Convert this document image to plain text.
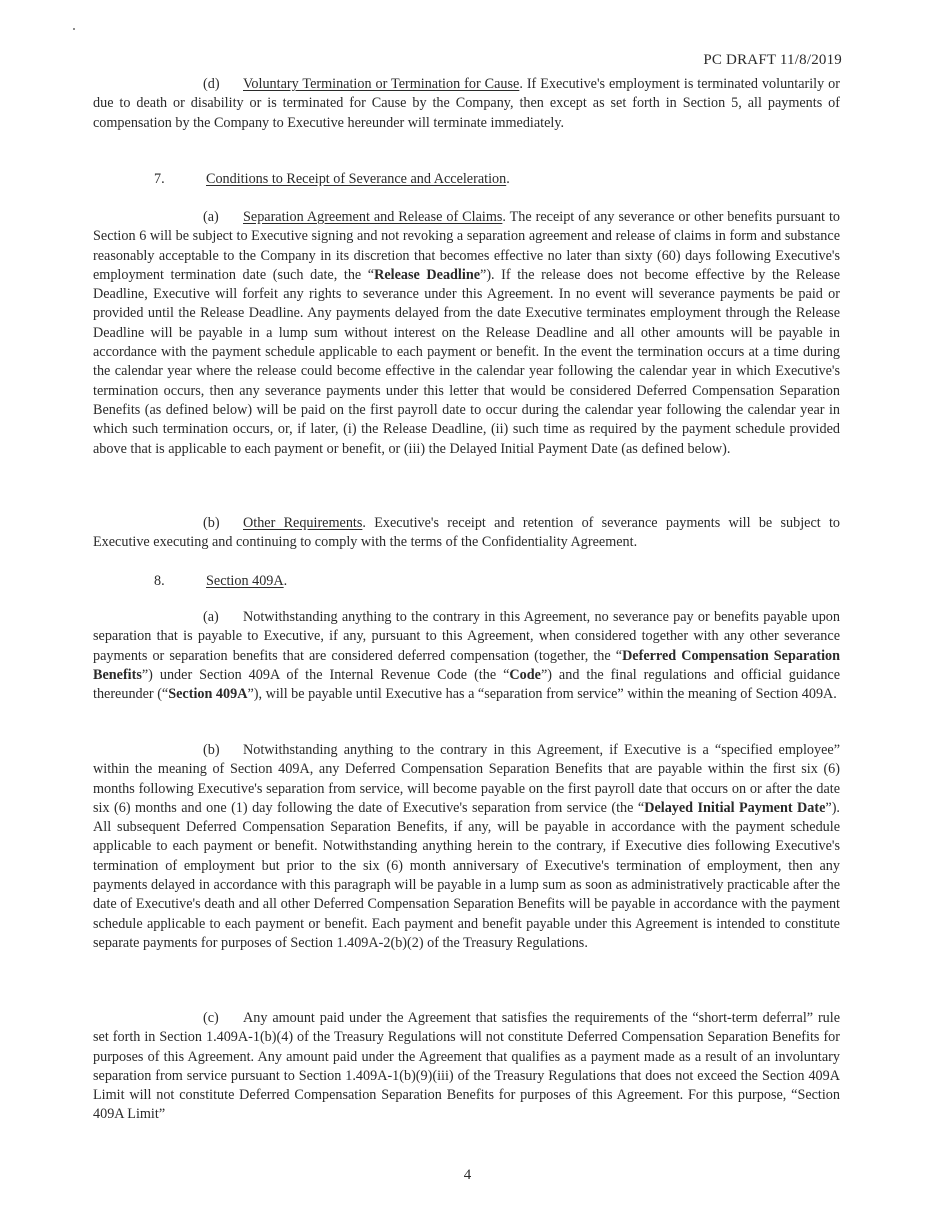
PC DRAFT 11/8/2019

(d) Voluntary Termination or Termination for Cause. If Executive's employment is terminated voluntarily or due to death or disability or is terminated for Cause by the Company, then except as set forth in Section 5, all payments of compensation by the Company to Executive hereunder will terminate immediately.

7.	Conditions to Receipt of Severance and Acceleration.

(a) Separation Agreement and Release of Claims. The receipt of any severance or other benefits pursuant to Section 6 will be subject to Executive signing and not revoking a separation agreement and release of claims in form and substance reasonably acceptable to the Company in its discretion that becomes effective no later than sixty (60) days following Executive's employment termination date (such date, the “Release Deadline”). If the release does not become effective by the Release Deadline, Executive will forfeit any rights to severance under this Agreement. In no event will severance payments be paid or provided until the Release Deadline. Any payments delayed from the date Executive terminates employment through the Release Deadline will be payable in a lump sum without interest on the Release Deadline and all other amounts will be payable in accordance with the payment schedule applicable to each payment or benefit. In the event the termination occurs at a time during the calendar year where the release could become effective in the calendar year following the calendar year in which Executive's termination occurs, then any severance payments under this letter that would be considered Deferred Compensation Separation Benefits (as defined below) will be paid on the first payroll date to occur during the calendar year following the calendar year in which such termination occurs, or, if later, (i) the Release Deadline, (ii) such time as required by the payment schedule provided above that is applicable to each payment or benefit, or (iii) the Delayed Initial Payment Date (as defined below).

(b) Other Requirements. Executive's receipt and retention of severance payments will be subject to Executive executing and continuing to comply with the terms of the Confidentiality Agreement.

8.	Section 409A.

(a) Notwithstanding anything to the contrary in this Agreement, no severance pay or benefits payable upon separation that is payable to Executive, if any, pursuant to this Agreement, when considered together with any other severance payments or separation benefits that are considered deferred compensation (together, the “Deferred Compensation Separation Benefits”) under Section 409A of the Internal Revenue Code (the “Code”) and the final regulations and official guidance thereunder (“Section 409A”), will be payable until Executive has a “separation from service” within the meaning of Section 409A.

(b) Notwithstanding anything to the contrary in this Agreement, if Executive is a “specified employee” within the meaning of Section 409A, any Deferred Compensation Separation Benefits that are payable within the first six (6) months following Executive's separation from service, will become payable on the first payroll date that occurs on or after the date six (6) months and one (1) day following the date of Executive's separation from service (the “Delayed Initial Payment Date”). All subsequent Deferred Compensation Separation Benefits, if any, will be payable in accordance with the payment schedule applicable to each payment or benefit. Notwithstanding anything herein to the contrary, if Executive dies following Executive's termination of employment but prior to the six (6) month anniversary of Executive's termination of employment, then any payments delayed in accordance with this paragraph will be payable in a lump sum as soon as administratively practicable after the date of Executive's death and all other Deferred Compensation Separation Benefits will be payable in accordance with the payment schedule applicable to each payment or benefit. Each payment and benefit payable under this Agreement is intended to constitute separate payments for purposes of Section 1.409A-2(b)(2) of the Treasury Regulations.

(c) Any amount paid under the Agreement that satisfies the requirements of the “short-term deferral” rule set forth in Section 1.409A-1(b)(4) of the Treasury Regulations will not constitute Deferred Compensation Separation Benefits for purposes of this Agreement. Any amount paid under the Agreement that qualifies as a payment made as a result of an involuntary separation from service pursuant to Section 1.409A-1(b)(9)(iii) of the Treasury Regulations that does not exceed the Section 409A Limit will not constitute Deferred Compensation Separation Benefits for purposes of this Agreement. For this purpose, “Section 409A Limit”

4
